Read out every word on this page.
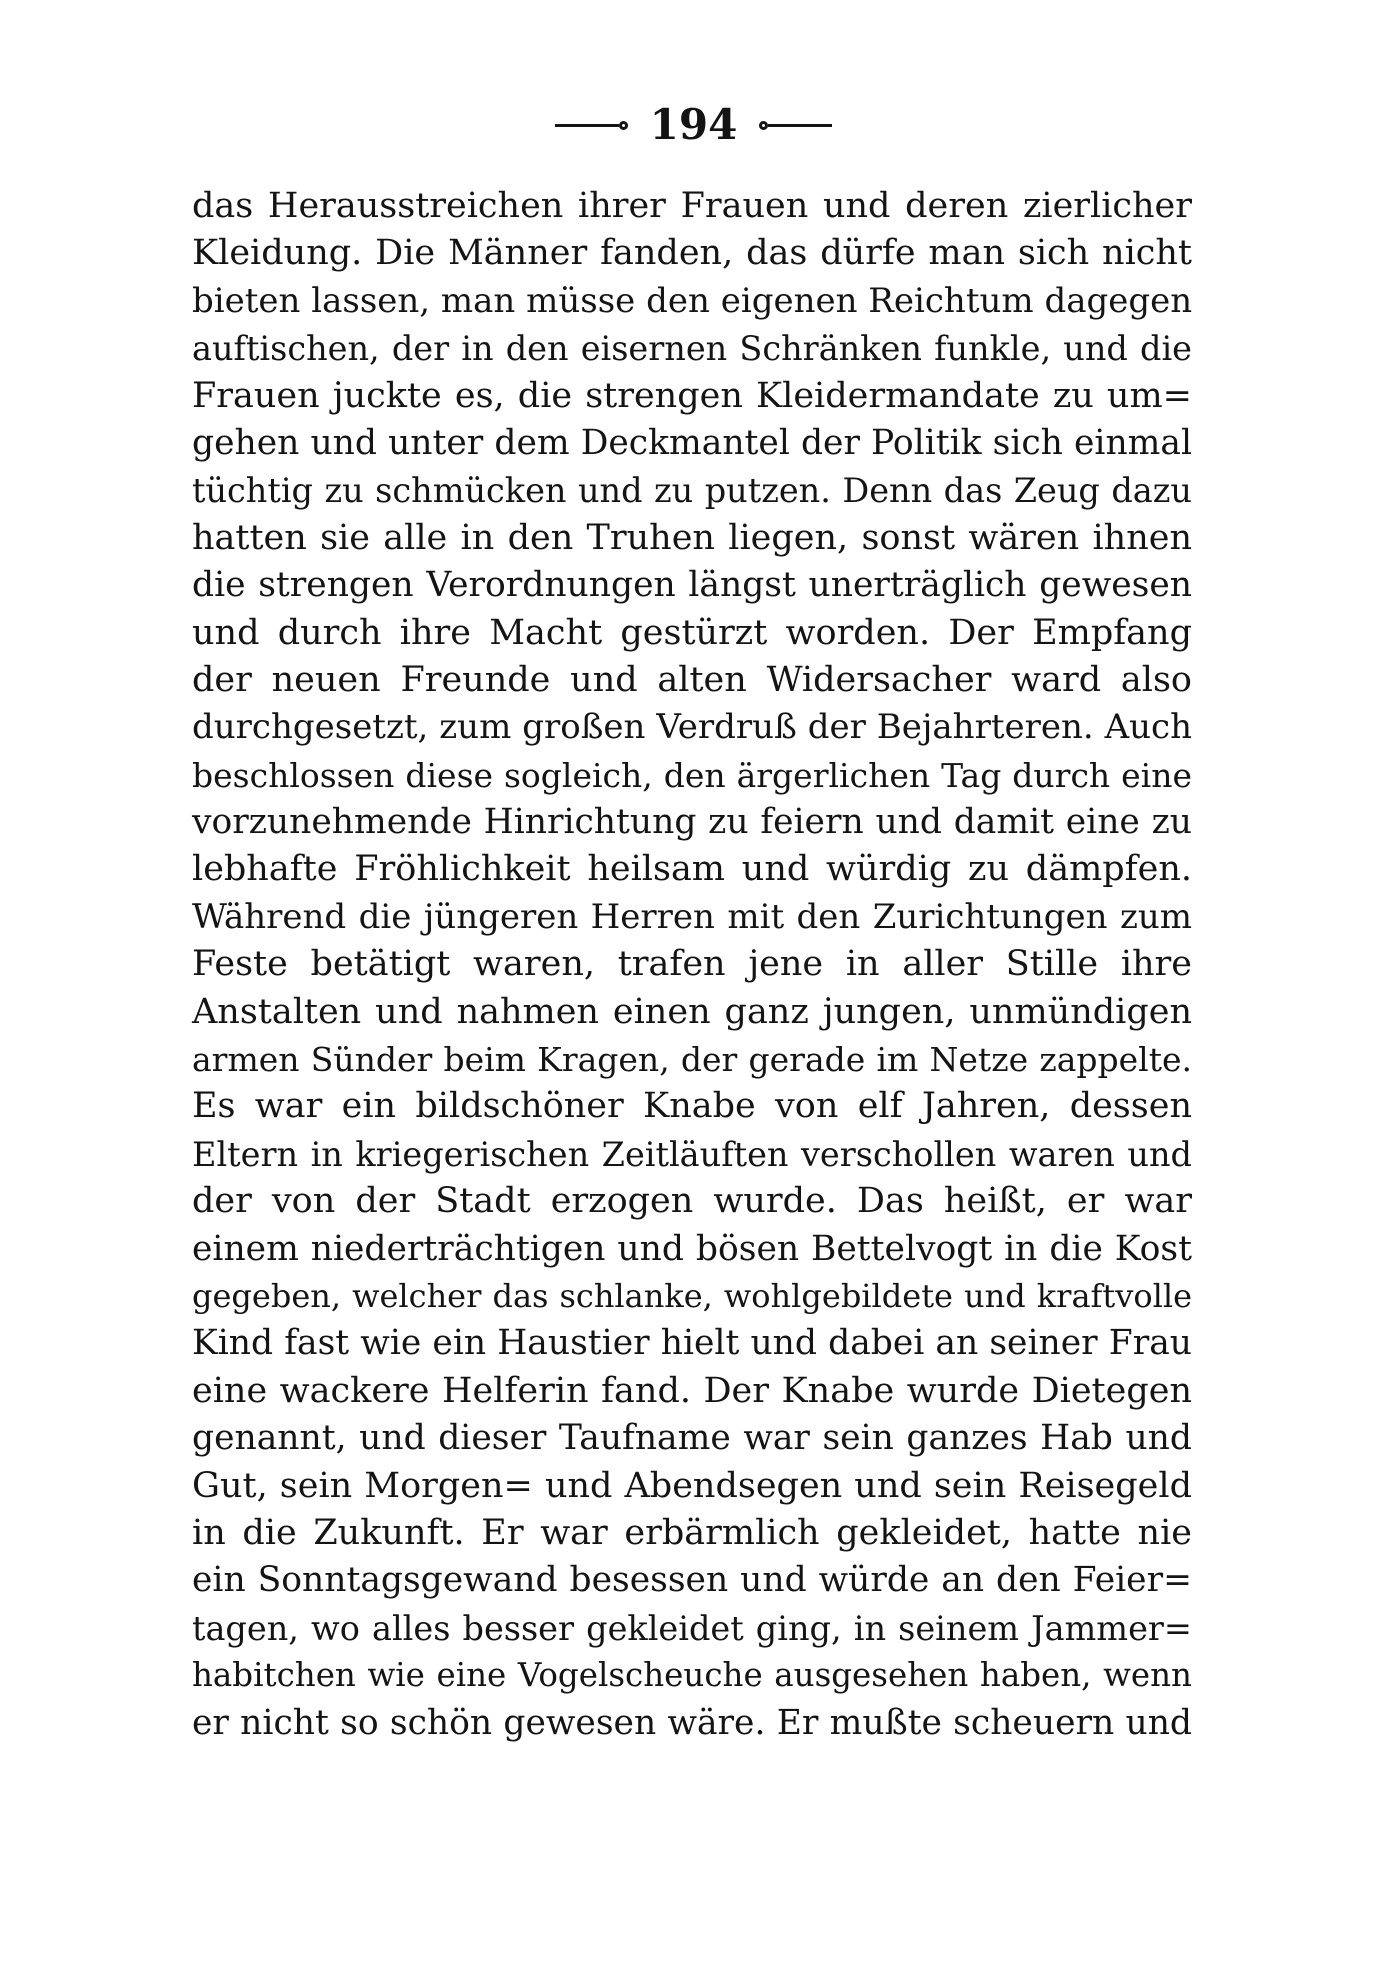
194
das Herausstreichen ihrer Frauen und deren zierlicher
Kleidung. Die Männer fanden, das dürfe man sich nicht
bieten lassen, man müsse den eigenen Reichtum dagegen
auftischen, der in den eisernen Schränken funkle, und die
Frauen juckte es, die strengen Kleidermandate zu um=
gehen und unter dem Deckmantel der Politik sich einmal
tüchtig zu schmücken und zu putzen. Denn das Zeug dazu
hatten sie alle in den Truhen liegen, sonst wären ihnen
die strengen Verordnungen längst unerträglich gewesen
und durch ihre Macht gestürzt worden. Der Empfang
der neuen Freunde und alten Widersacher ward also
durchgesetzt, zum großen Verdruß der Bejahrteren. Auch
beschlossen diese sogleich, den ärgerlichen Tag durch eine
vorzunehmende Hinrichtung zu feiern und damit eine zu
lebhafte Fröhlichkeit heilsam und würdig zu dämpfen.
Während die jüngeren Herren mit den Zurichtungen zum
Feste betätigt waren, trafen jene in aller Stille ihre
Anstalten und nahmen einen ganz jungen, unmündigen
armen Sünder beim Kragen, der gerade im Netze zappelte.
Es war ein bildschöner Knabe von elf Jahren, dessen
Eltern in kriegerischen Zeitläuften verschollen waren und
der von der Stadt erzogen wurde. Das heißt, er war
einem niederträchtigen und bösen Bettelvogt in die Kost
gegeben, welcher das schlanke, wohlgebildete und kraftvolle
Kind fast wie ein Haustier hielt und dabei an seiner Frau
eine wackere Helferin fand. Der Knabe wurde Dietegen
genannt, und dieser Taufname war sein ganzes Hab und
Gut, sein Morgen= und Abendsegen und sein Reisegeld
in die Zukunft. Er war erbärmlich gekleidet, hatte nie
ein Sonntagsgewand besessen und würde an den Feier=
tagen, wo alles besser gekleidet ging, in seinem Jammer=
habitchen wie eine Vogelscheuche ausgesehen haben, wenn
er nicht so schön gewesen wäre. Er mußte scheuern und
